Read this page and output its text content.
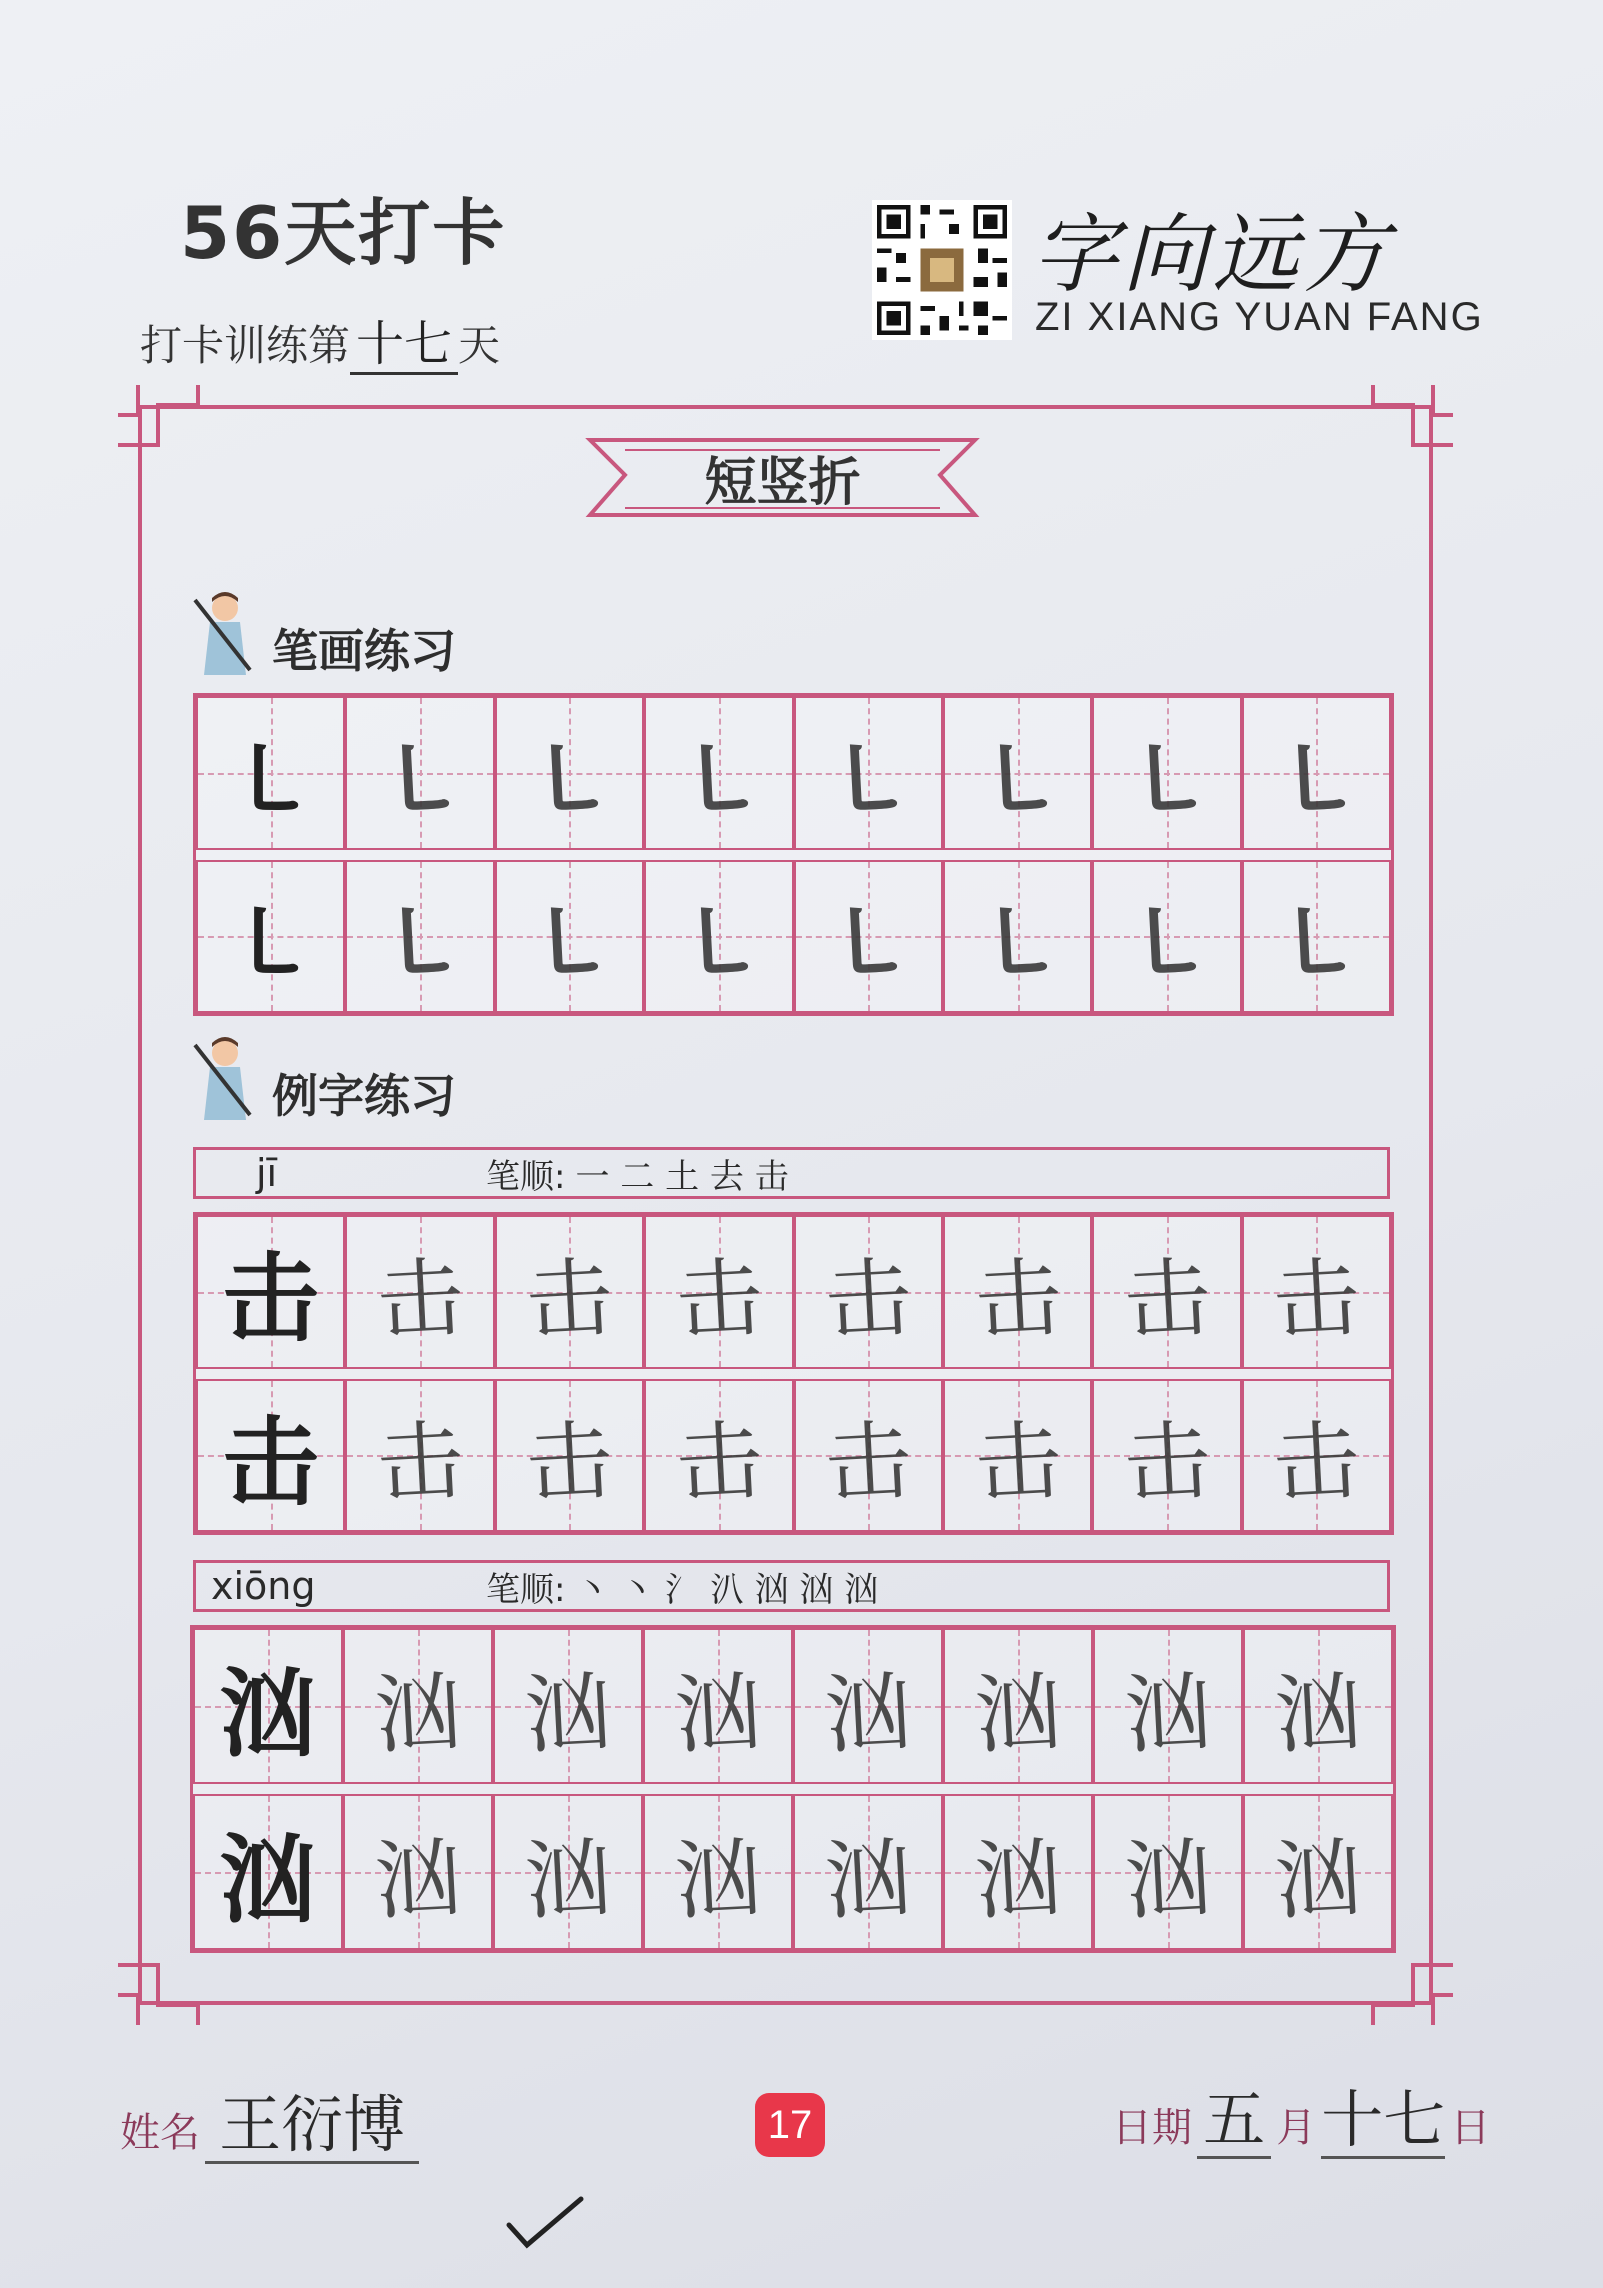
56天打卡
打卡训练第 十七 天
字向远方
ZI XIANG YUAN FANG
短竖折
笔画练习
㇄ ㇄ ㇄ ㇄ ㇄ ㇄ ㇄ ㇄
㇄ ㇄ ㇄ ㇄ ㇄ ㇄ ㇄ ㇄
例字练习
jī	笔顺: 一 二 土 去 击
击 击 击 击 击 击 击 击
击 击 击 击 击 击 击 击
xiōng	笔顺: 丶 丶 氵 汃 汹 汹 汹
汹 汹 汹 汹 汹 汹 汹 汹
汹 汹 汹 汹 汹 汹 汹 汹
姓名 王衍博	17	日期 五 月 十七 日
